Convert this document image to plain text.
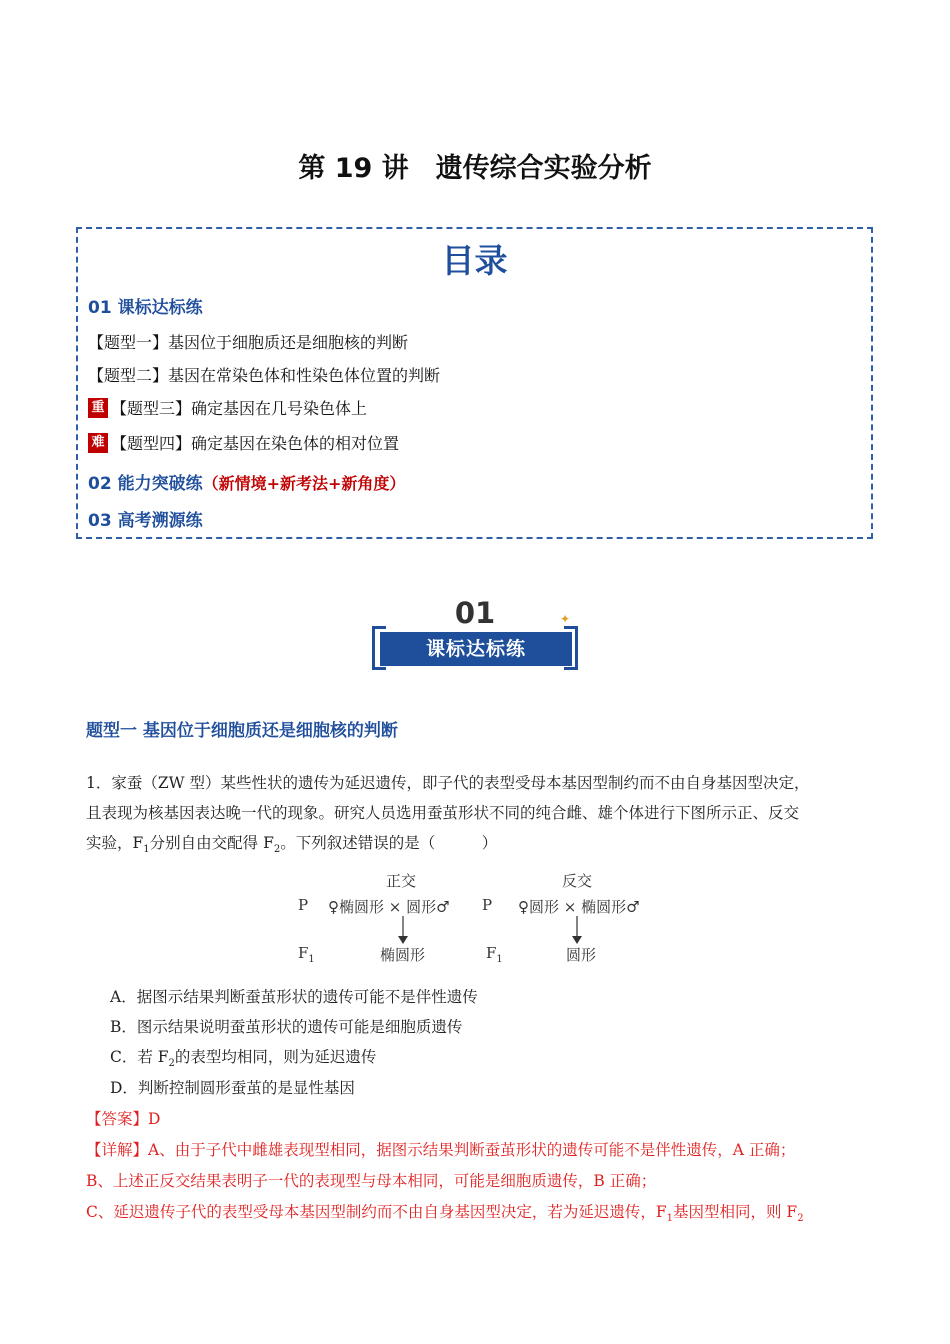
第 19 讲　遗传综合实验分析
目录
01 课标达标练
【题型一】基因位于细胞质还是细胞核的判断
【题型二】基因在常染色体和性染色体位置的判断
重 【题型三】确定基因在几号染色体上
难 【题型四】确定基因在染色体的相对位置
02 能力突破练（新情境+新考法+新角度）
03 高考溯源练
01
课标达标练
✦
题型一 基因位于细胞质还是细胞核的判断
1．家蚕（ZW 型）某些性状的遗传为延迟遗传，即子代的表型受母本基因型制约而不由自身基因型决定，
且表现为核基因表达晚一代的现象。研究人员选用蚕茧形状不同的纯合雌、雄个体进行下图所示正、反交
实验，$F_1$分别自由交配得 $F_2$。下列叙述错误的是（　　　）
正交	反交
P ♀椭圆形 × 圆形♂ P ♀圆形 × 椭圆形♂
$F_1$	椭圆形	$F_1$	圆形
A．据图示结果判断蚕茧形状的遗传可能不是伴性遗传
B．图示结果说明蚕茧形状的遗传可能是细胞质遗传
C．若 $F_2$的表型均相同，则为延迟遗传
D．判断控制圆形蚕茧的是显性基因
【答案】D
【详解】A、由于子代中雌雄表现型相同，据图示结果判断蚕茧形状的遗传可能不是伴性遗传，A 正确；
B、上述正反交结果表明子一代的表现型与母本相同，可能是细胞质遗传，B 正确；
C、延迟遗传子代的表型受母本基因型制约而不由自身基因型决定，若为延迟遗传，$F_1$基因型相同，则 $F_2$
